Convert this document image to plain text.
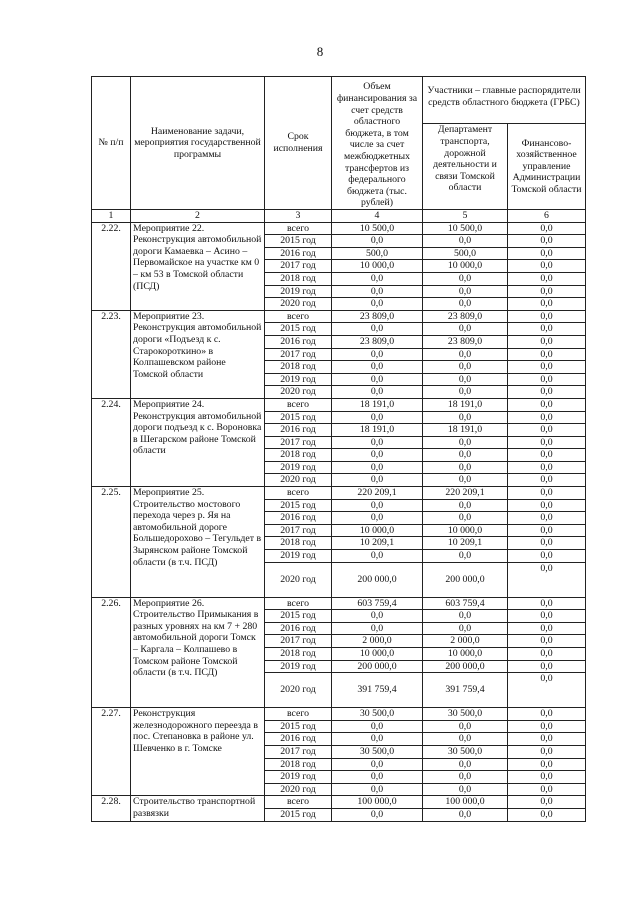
8
№ п/п	Наименование задачи, мероприятия государственной программы	Срок исполнения	Объем финансирования за счет средств областного бюджета, в том числе за счет межбюджетных трансфертов из федерального бюджета (тыс. рублей)	Участники – главные распорядители средств областного бюджета (ГРБС)	
				Департамент транспорта, дорожной деятельности и связи Томской области	Финансово-хозяйственное управление Администрации Томской области
1	2	3	4	5	6
2.22.	Мероприятие 22. Реконструкция автомобильной дороги Камаевка – Асино – Первомайское на участке км 0 – км 53 в Томской области (ПСД)	всего	10 500,0	10 500,0	0,0
		2015 год	0,0	0,0	0,0
		2016 год	500,0	500,0	0,0
		2017 год	10 000,0	10 000,0	0,0
		2018 год	0,0	0,0	0,0
		2019 год	0,0	0,0	0,0
		2020 год	0,0	0,0	0,0
2.23.	Мероприятие 23. Реконструкция автомобильной дороги «Подъезд к с. Старокороткино» в Колпашевском районе Томской области	всего	23 809,0	23 809,0	0,0
		2015 год	0,0	0,0	0,0
		2016 год	23 809,0	23 809,0	0,0
		2017 год	0,0	0,0	0,0
		2018 год	0,0	0,0	0,0
		2019 год	0,0	0,0	0,0
		2020 год	0,0	0,0	0,0
2.24.	Мероприятие 24. Реконструкция автомобильной дороги подъезд к с. Вороновка в Шегарском районе Томской области	всего	18 191,0	18 191,0	0,0
		2015 год	0,0	0,0	0,0
		2016 год	18 191,0	18 191,0	0,0
		2017 год	0,0	0,0	0,0
		2018 год	0,0	0,0	0,0
		2019 год	0,0	0,0	0,0
		2020 год	0,0	0,0	0,0
2.25.	Мероприятие 25. Строительство мостового перехода через р. Яя на автомобильной дороге Большедорохово – Тегульдет в Зырянском районе Томской области (в т.ч. ПСД)	всего	220 209,1	220 209,1	0,0
		2015 год	0,0	0,0	0,0
		2016 год	0,0	0,0	0,0
		2017 год	10 000,0	10 000,0	0,0
		2018 год	10 209,1	10 209,1	0,0
		2019 год	0,0	0,0	0,0
		2020 год	200 000,0	200 000,0	0,0
2.26.	Мероприятие 26. Строительство Примыкания в разных уровнях на км 7 + 280 автомобильной дороги Томск – Каргала – Колпашево в Томском районе Томской области (в т.ч. ПСД)	всего	603 759,4	603 759,4	0,0
		2015 год	0,0	0,0	0,0
		2016 год	0,0	0,0	0,0
		2017 год	2 000,0	2 000,0	0,0
		2018 год	10 000,0	10 000,0	0,0
		2019 год	200 000,0	200 000,0	0,0
		2020 год	391 759,4	391 759,4	0,0
2.27.	Реконструкция железнодорожного переезда в пос. Степановка в районе ул. Шевченко в г. Томске	всего	30 500,0	30 500,0	0,0
		2015 год	0,0	0,0	0,0
		2016 год	0,0	0,0	0,0
		2017 год	30 500,0	30 500,0	0,0
		2018 год	0,0	0,0	0,0
		2019 год	0,0	0,0	0,0
		2020 год	0,0	0,0	0,0
2.28.	Строительство транспортной развязки	всего	100 000,0	100 000,0	0,0
		2015 год	0,0	0,0	0,0
